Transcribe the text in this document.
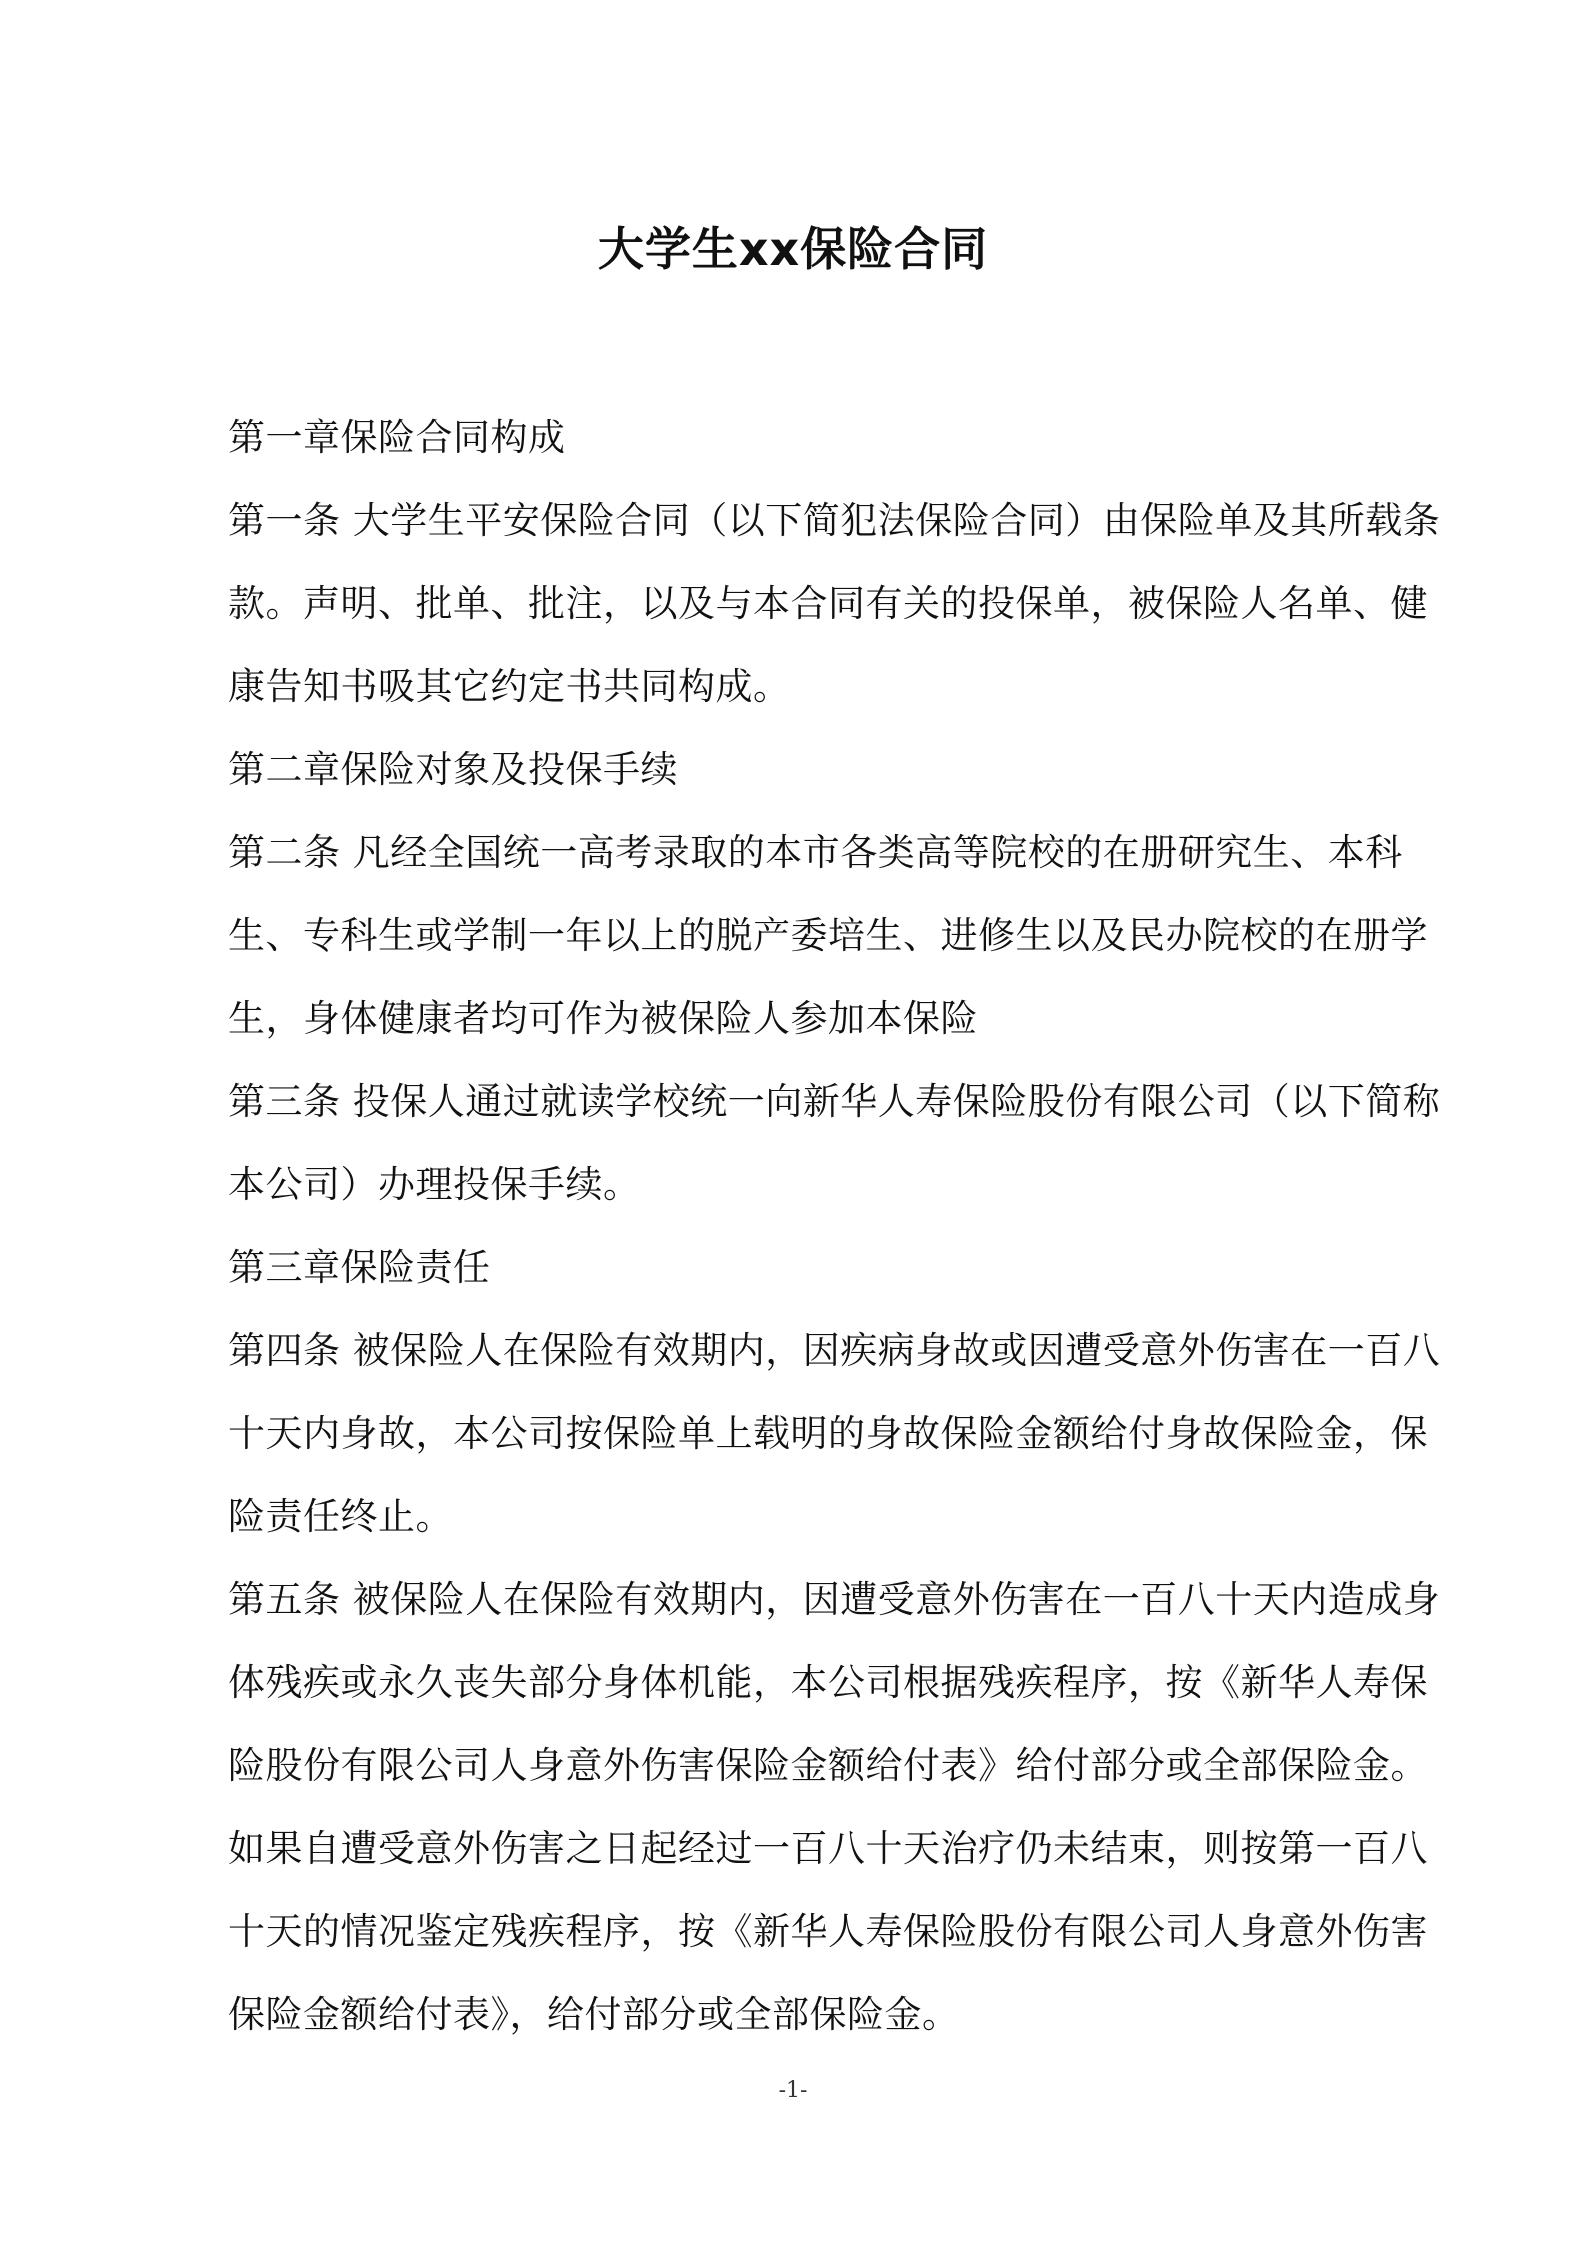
大学生xx保险合同
第一章保险合同构成
第一条 大学生平安保险合同（以下简犯法保险合同）由保险单及其所载条
款。声明、批单、批注，以及与本合同有关的投保单，被保险人名单、健
康告知书吸其它约定书共同构成。
第二章保险对象及投保手续
第二条 凡经全国统一高考录取的本市各类高等院校的在册研究生、本科
生、专科生或学制一年以上的脱产委培生、进修生以及民办院校的在册学
生，身体健康者均可作为被保险人参加本保险
第三条 投保人通过就读学校统一向新华人寿保险股份有限公司（以下简称
本公司）办理投保手续。
第三章保险责任
第四条 被保险人在保险有效期内，因疾病身故或因遭受意外伤害在一百八
十天内身故，本公司按保险单上载明的身故保险金额给付身故保险金，保
险责任终止。
第五条 被保险人在保险有效期内，因遭受意外伤害在一百八十天内造成身
体残疾或永久丧失部分身体机能，本公司根据残疾程序，按《新华人寿保
险股份有限公司人身意外伤害保险金额给付表》给付部分或全部保险金。
如果自遭受意外伤害之日起经过一百八十天治疗仍未结束，则按第一百八
十天的情况鉴定残疾程序，按《新华人寿保险股份有限公司人身意外伤害
保险金额给付表》，给付部分或全部保险金。
-1-
